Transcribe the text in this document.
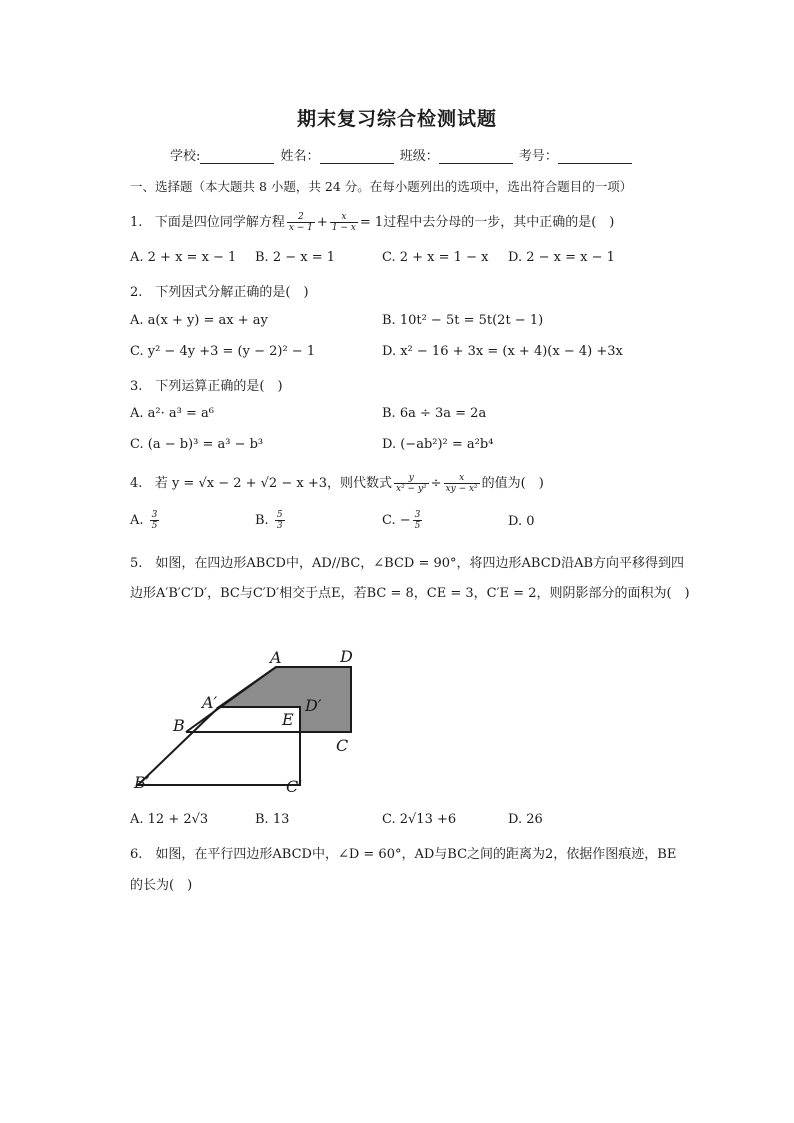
期末复习综合检测试题
学校:	姓名：	班级：	考号：
一、选择题（本大题共 8 小题，共 24 分。在每小题列出的选项中，选出符合题目的一项）
1. 下面是四位同学解方程 $\frac{2}{x - 1} + \frac{x}{1 - x} = 1$过程中去分母的一步，其中正确的是(　)
A. 2 + x = x − 1 B. 2 − x = 1	C. 2 + x = 1 − x D. 2 − x = x − 1
2.　下列因式分解正确的是(　)
A. a(x + y) = ax + ay	B. 10t² − 5t = 5t(2t − 1)
C. y² − 4y +3 = (y − 2)² − 1	D. x² − 16 + 3x = (x + 4)(x − 4) +3x
3.　下列运算正确的是(　)
A. a²· a³ = a⁶	B. 6a ÷ 3a = 2a
C. (a − b)³ = a³ − b³	D. (−ab²)² = a²b⁴
4. 若 y = √x − 2 + √2 − x +3，则代数式 $\frac{y}{\text{x² − y²}} \div \frac{x}{\text{xy − x²}}$ 的值为(　)
A. $\frac{3}{5}$	B. $\frac{5}{3}$	C. − $\frac{3}{5}$	D. 0
5.　如图，在四边形ABCD中，AD//BC，∠BCD = 90°，将四边形ABCD沿AB方向平移得到四
边形A′B′C′D′，BC与C′D′相交于点E，若BC = 8，CE = 3，C′E = 2，则阴影部分的面积为(　)
A	D
A′	D′
B	E
C
B′	C′
A. 12 + 2√3	B. 13	C. 2√13 +6	D. 26
6.　如图，在平行四边形ABCD中，∠D = 60°，AD与BC之间的距离为2，依据作图痕迹，BE
的长为(　)
